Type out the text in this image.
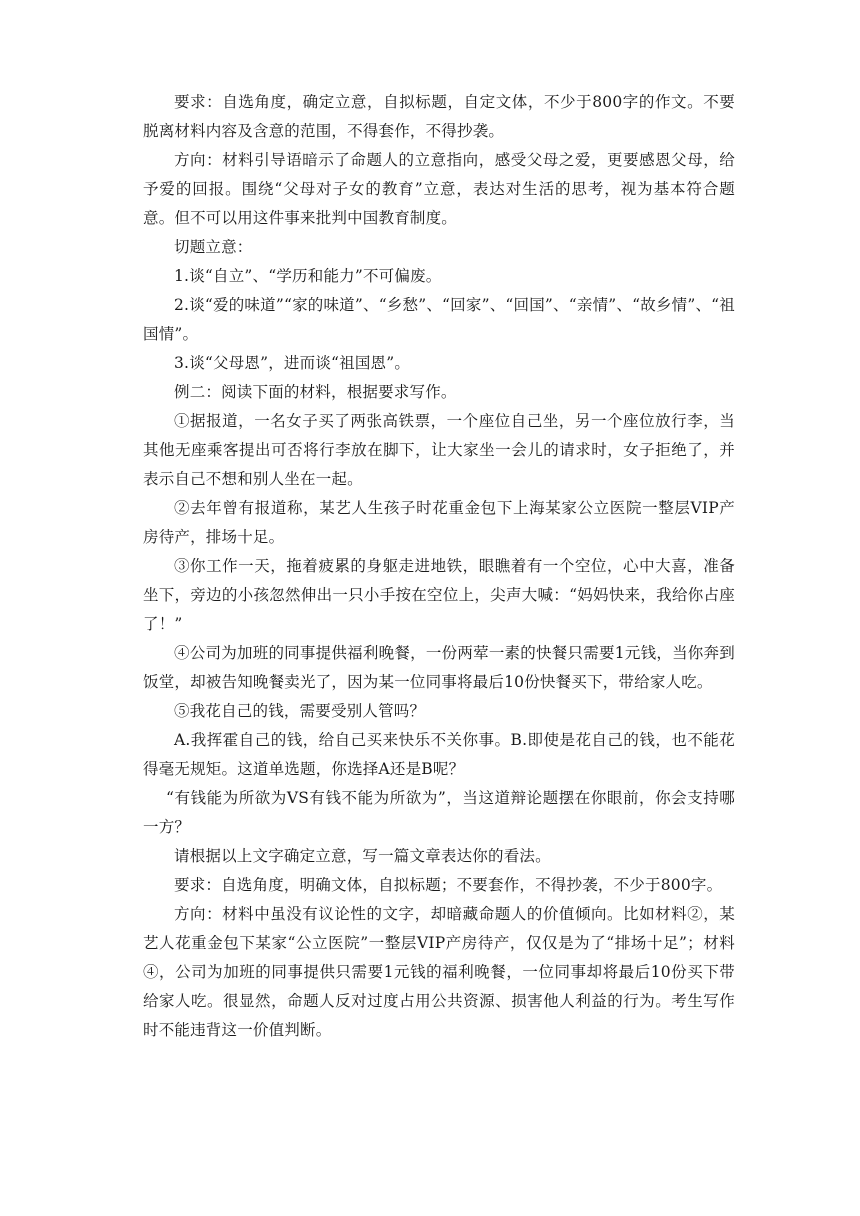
要求：自选角度，确定立意，自拟标题，自定文体，不少于800字的作文。不要脱离材料内容及含意的范围，不得套作，不得抄袭。

方向：材料引导语暗示了命题人的立意指向，感受父母之爱，更要感恩父母，给予爱的回报。围绕“父母对子女的教育”立意，表达对生活的思考，视为基本符合题意。但不可以用这件事来批判中国教育制度。

切题立意：

1.谈“自立”、“学历和能力”不可偏废。

2.谈“爱的味道”“家的味道”、“乡愁”、“回家”、“回国”、“亲情”、“故乡情”、“祖国情”。

3.谈“父母恩”，进而谈“祖国恩”。

例二：阅读下面的材料，根据要求写作。

①据报道，一名女子买了两张高铁票，一个座位自己坐，另一个座位放行李，当其他无座乘客提出可否将行李放在脚下，让大家坐一会儿的请求时，女子拒绝了，并表示自己不想和别人坐在一起。

②去年曾有报道称，某艺人生孩子时花重金包下上海某家公立医院一整层VIP产房待产，排场十足。

③你工作一天，拖着疲累的身躯走进地铁，眼瞧着有一个空位，心中大喜，准备坐下，旁边的小孩忽然伸出一只小手按在空位上，尖声大喊：“妈妈快来，我给你占座了！”

④公司为加班的同事提供福利晚餐，一份两荤一素的快餐只需要1元钱，当你奔到饭堂，却被告知晚餐卖光了，因为某一位同事将最后10份快餐买下，带给家人吃。

⑤我花自己的钱，需要受别人管吗？

A.我挥霍自己的钱，给自己买来快乐不关你事。B.即使是花自己的钱，也不能花得毫无规矩。这道单选题，你选择A还是B呢？

“有钱能为所欲为VS有钱不能为所欲为”，当这道辩论题摆在你眼前，你会支持哪一方？

请根据以上文字确定立意，写一篇文章表达你的看法。

要求：自选角度，明确文体，自拟标题；不要套作，不得抄袭，不少于800字。

方向：材料中虽没有议论性的文字，却暗藏命题人的价值倾向。比如材料②，某艺人花重金包下某家“公立医院”一整层VIP产房待产，仅仅是为了“排场十足”；材料④，公司为加班的同事提供只需要1元钱的福利晚餐，一位同事却将最后10份买下带给家人吃。很显然，命题人反对过度占用公共资源、损害他人利益的行为。考生写作时不能违背这一价值判断。
